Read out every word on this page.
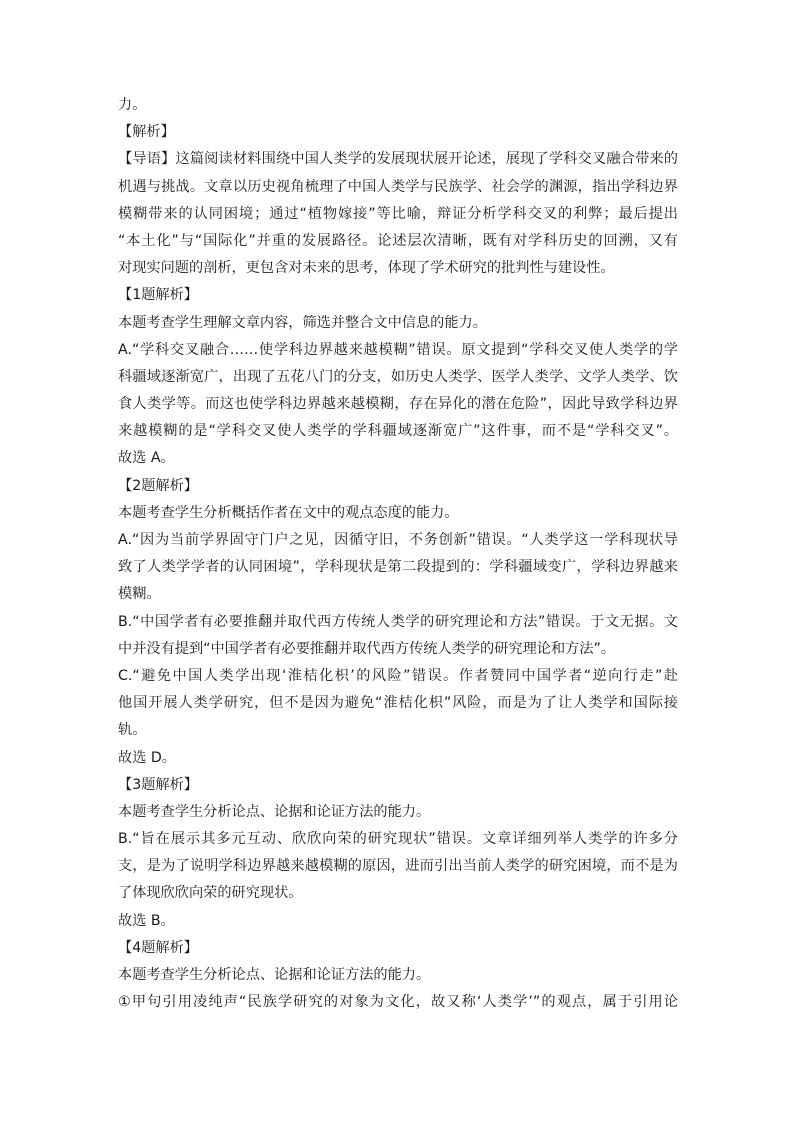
力。
【解析】
【导语】这篇阅读材料围绕中国人类学的发展现状展开论述，展现了学科交叉融合带来的
机遇与挑战。文章以历史视角梳理了中国人类学与民族学、社会学的渊源，指出学科边界
模糊带来的认同困境；通过“植物嫁接”等比喻，辩证分析学科交叉的利弊；最后提出
“本土化”与“国际化”并重的发展路径。论述层次清晰，既有对学科历史的回溯，又有
对现实问题的剖析，更包含对未来的思考，体现了学术研究的批判性与建设性。
【1题解析】
本题考查学生理解文章内容，筛选并整合文中信息的能力。
A.“学科交叉融合……使学科边界越来越模糊”错误。原文提到“学科交叉使人类学的学
科疆域逐渐宽广，出现了五花八门的分支，如历史人类学、医学人类学、文学人类学、饮
食人类学等。而这也使学科边界越来越模糊，存在异化的潜在危险”，因此导致学科边界
来越模糊的是“学科交叉使人类学的学科疆域逐渐宽广”这件事，而不是“学科交叉”。
故选 A。
【2题解析】
本题考查学生分析概括作者在文中的观点态度的能力。
A.“因为当前学界固守门户之见，因循守旧，不务创新”错误。“人类学这一学科现状导
致了人类学学者的认同困境”，学科现状是第二段提到的：学科疆域变广，学科边界越来
模糊。
B.“中国学者有必要推翻并取代西方传统人类学的研究理论和方法”错误。于文无据。文
中并没有提到“中国学者有必要推翻并取代西方传统人类学的研究理论和方法”。
C.“避免中国人类学出现‘淮桔化枳’的风险”错误。作者赞同中国学者“逆向行走”赴
他国开展人类学研究，但不是因为避免“淮桔化枳”风险，而是为了让人类学和国际接
轨。
故选 D。
【3题解析】
本题考查学生分析论点、论据和论证方法的能力。
B.“旨在展示其多元互动、欣欣向荣的研究现状”错误。文章详细列举人类学的许多分
支，是为了说明学科边界越来越模糊的原因，进而引出当前人类学的研究困境，而不是为
了体现欣欣向荣的研究现状。
故选 B。
【4题解析】
本题考查学生分析论点、论据和论证方法的能力。
①甲句引用凌纯声“民族学研究的对象为文化，故又称‘人类学’”的观点，属于引用论
